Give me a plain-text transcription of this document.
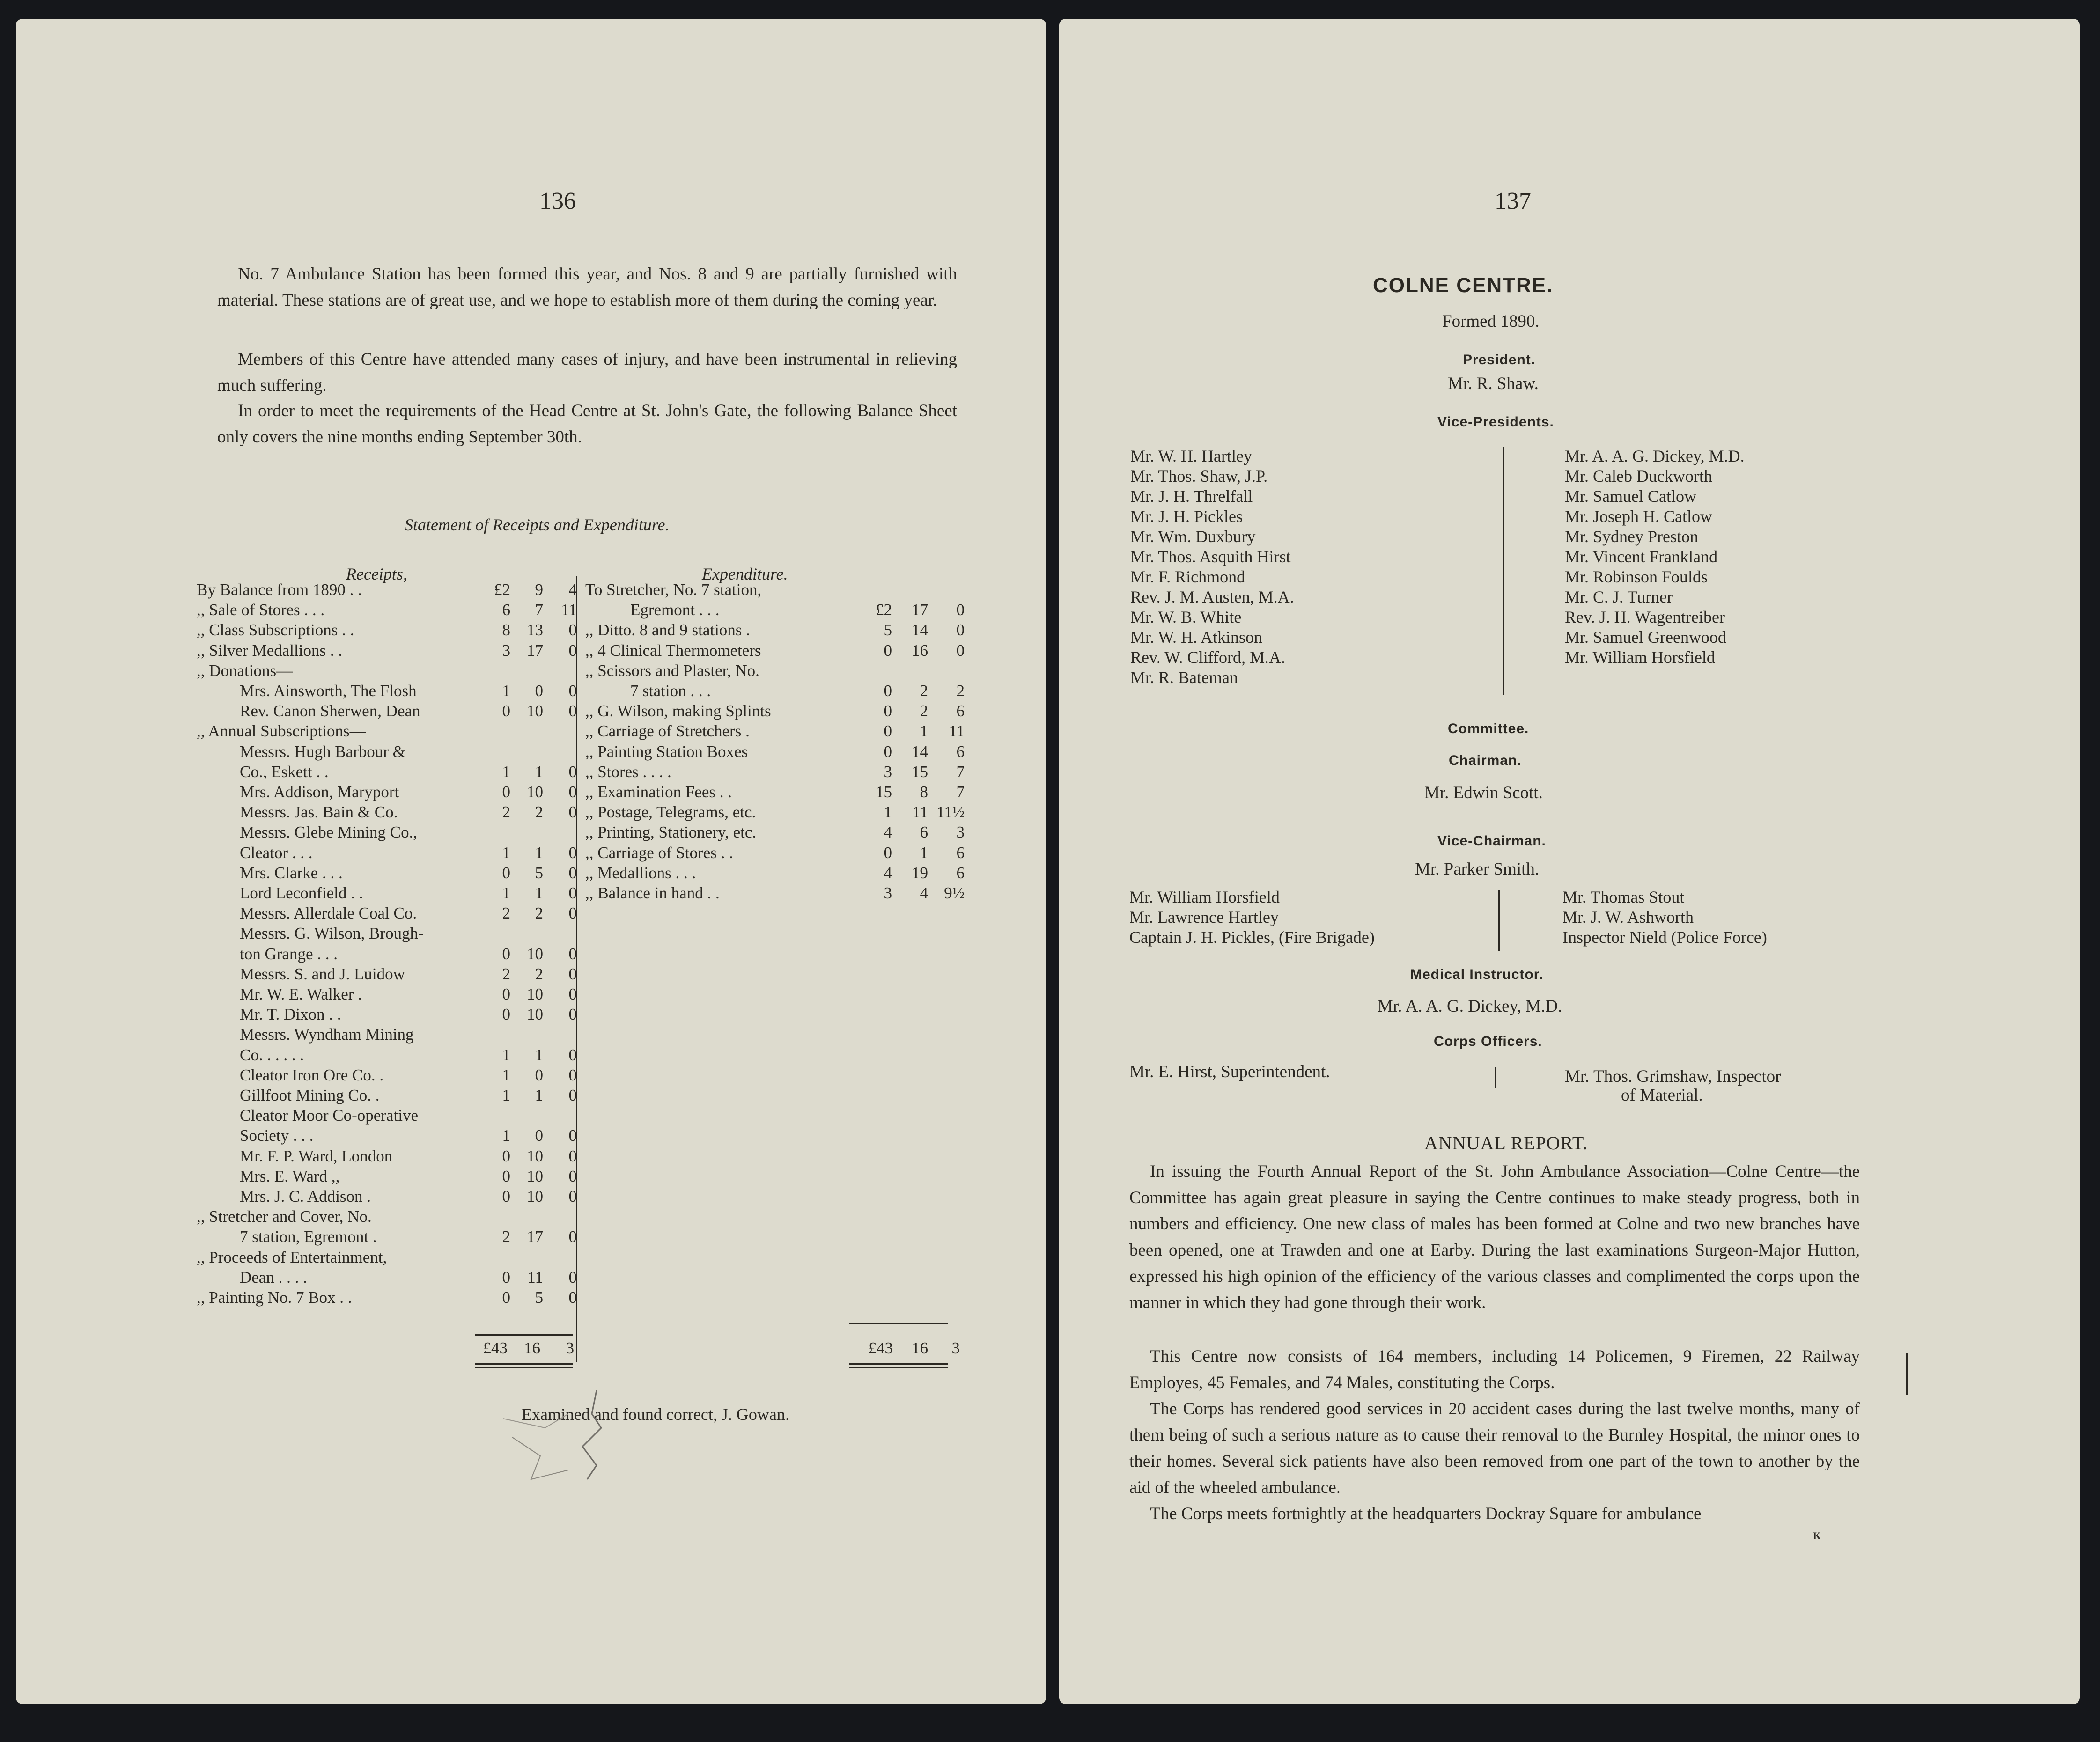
136
No. 7 Ambulance Station has been formed this year, and Nos. 8 and 9 are partially furnished with material. These stations are of great use, and we hope to establish more of them during the coming year.
Members of this Centre have attended many cases of injury, and have been instrumental in relieving much suffering.
In order to meet the requirements of the Head Centre at St. John's Gate, the following Balance Sheet only covers the nine months ending September 30th.
Statement of Receipts and Expenditure.
Receipts,	Expenditure.
By Balance from 1890 . .	£2	9	4
,, Sale of Stores . . .	6	7	11
,, Class Subscriptions . .	8	13	0
,, Silver Medallions . .	3	17	0
,, Donations—
Mrs. Ainsworth, The Flosh	1	0	0
Rev. Canon Sherwen, Dean	0	10	0
,, Annual Subscriptions—
Messrs. Hugh Barbour &
Co., Eskett . .	1	1	0
Mrs. Addison, Maryport	0	10	0
Messrs. Jas. Bain & Co.	2	2	0
Messrs. Glebe Mining Co.,
Cleator . . .	1	1	0
Mrs. Clarke . . .	0	5	0
Lord Leconfield . .	1	1	0
Messrs. Allerdale Coal Co.	2	2	0
Messrs. G. Wilson, Brough-
ton Grange . . .	0	10	0
Messrs. S. and J. Luidow	2	2	0
Mr. W. E. Walker .	0	10	0
Mr. T. Dixon . .	0	10	0
Messrs. Wyndham Mining
Co. . . . . .	1	1	0
Cleator Iron Ore Co. .	1	0	0
Gillfoot Mining Co. .	1	1	0
Cleator Moor Co-operative
Society . . .	1	0	0
Mr. F. P. Ward, London	0	10	0
Mrs. E. Ward ,,	0	10	0
Mrs. J. C. Addison .	0	10	0
,, Stretcher and Cover, No.
7 station, Egremont .	2	17	0
,, Proceeds of Entertainment,
Dean . . . .	0	11	0
,, Painting No. 7 Box . .	0	5	0
To Stretcher, No. 7 station,
Egremont . . .	£2	17	0
,, Ditto. 8 and 9 stations .	5	14	0
,, 4 Clinical Thermometers	0	16	0
,, Scissors and Plaster, No.
7 station . . .	0	2	2
,, G. Wilson, making Splints	0	2	6
,, Carriage of Stretchers .	0	1	11
,, Painting Station Boxes	0	14	6
,, Stores . . . .	3	15	7
,, Examination Fees . .	15	8	7
,, Postage, Telegrams, etc.	1	11 11½
,, Printing, Stationery, etc.	4	6	3
,, Carriage of Stores . .	0	1	6
,, Medallions . . .	4	19	6
,, Balance in hand . .	3	4 9½
£43	16	3	£43	16	3
Examined and found correct, J. Gowan.
137
COLNE CENTRE.
Formed 1890.
President.
Mr. R. Shaw.
Vice-Presidents.
Mr. W. H. Hartley
Mr. Thos. Shaw, J.P.
Mr. J. H. Threlfall
Mr. J. H. Pickles
Mr. Wm. Duxbury
Mr. Thos. Asquith Hirst
Mr. F. Richmond
Rev. J. M. Austen, M.A.
Mr. W. B. White
Mr. W. H. Atkinson
Rev. W. Clifford, M.A.
Mr. R. Bateman
Mr. A. A. G. Dickey, M.D.
Mr. Caleb Duckworth
Mr. Samuel Catlow
Mr. Joseph H. Catlow
Mr. Sydney Preston
Mr. Vincent Frankland
Mr. Robinson Foulds
Mr. C. J. Turner
Rev. J. H. Wagentreiber
Mr. Samuel Greenwood
Mr. William Horsfield
Committee.
Chairman.
Mr. Edwin Scott.
Vice-Chairman.
Mr. Parker Smith.
Mr. William Horsfield
Mr. Lawrence Hartley
Captain J. H. Pickles, (Fire Brigade)
Mr. Thomas Stout
Mr. J. W. Ashworth
Inspector Nield (Police Force)
Medical Instructor.
Mr. A. A. G. Dickey, M.D.
Corps Officers.
Mr. E. Hirst, Superintendent.	Mr. Thos. Grimshaw, Inspector
of Material.
ANNUAL REPORT.
In issuing the Fourth Annual Report of the St. John Ambulance Association—Colne Centre—the Committee has again great pleasure in saying the Centre continues to make steady progress, both in numbers and efficiency. One new class of males has been formed at Colne and two new branches have been opened, one at Trawden and one at Earby. During the last examinations Surgeon-Major Hutton, expressed his high opinion of the efficiency of the various classes and complimented the corps upon the manner in which they had gone through their work.
This Centre now consists of 164 members, including 14 Policemen, 9 Firemen, 22 Railway Employes, 45 Females, and 74 Males, constituting the Corps.
The Corps has rendered good services in 20 accident cases during the last twelve months, many of them being of such a serious nature as to cause their removal to the Burnley Hospital, the minor ones to their homes. Several sick patients have also been removed from one part of the town to another by the aid of the wheeled ambulance.
The Corps meets fortnightly at the headquarters Dockray Square for ambulance
K
